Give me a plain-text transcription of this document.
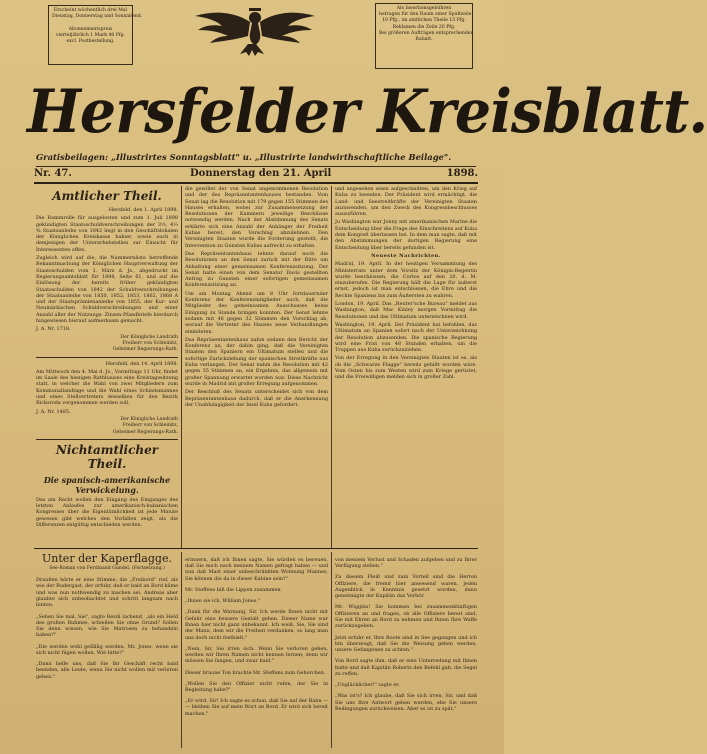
Erscheint wöchentlich drei Mal
Dienstag, Donnerstag und Sonnabend.

Abonnementspreis
vierteljährlich 1 Mark 40 Pfg.
excl. Postbestellung.
Als Insertionsgebühren
betragen für den Raum einer Spaltzeile
10 Pfg., im amtlichen Theile 15 Pfg.
Reklamen die Zeile 20 Pfg.
Bei größeren Aufträgen entsprechender
Rabatt.
Hersfelder Kreisblatt.
Gratisbeilagen: „Illustrirtes Sonntagsblatt" u. „Illustrirte landwirthschaftliche Beilage".
Nr. 47.	Donnerstag den 21. April	1898.
Amtlicher Theil.

Hersfeld, den 1. April 1898.

Die Rammrolle für ausgelosten und zum 1. Juli 1898 gekündigten Staatsschuldverschreibungen der 3½, 4⅓ % Staatsanleihe von 1842 liegt in den Geschäftslokalen der Königlichen Kreiskasse bahier, sowie auch in demjenigen der Untererhebstellen zur Einsicht für Interessenten offen.

Zugleich wird auf die, die Nummernliste betreffende Bekanntmachung der Königlichen Hauptverwaltung der Staatsschulden vom 1. März d. Js., abgedruckt im Regierungsamtsblatt für 1898, Seite 61, und auf die Einlösung der bereits früher gekündigten Staatsschulden von 1842 der Schuldverschreibungen der Staatsanleihe von 1850, 1852, 1853, 1862, 1868 A und der Staatsprämienanleihe von 1855, der Kur- und Neumärkischen Schuldverschreibungen und einer Anzahl aller der Nutzungs- Zinsen-Pfandbriefe hierdurch hingewiesen hierauf aufmerksam gemacht.

J. A. Nr. 1718.

Der Königliche Landrath
Freiherr von Schleinitz,
Geheimer Regierungs-Rath.

Hersfeld, den 14. April 1898.

Am Mittwoch den 4. Mai d. Js., Vormittags 11 Uhr, findet im Saale des hiesigen Rathhauses eine Kreistagssitzung statt, in welcher die Wahl von zwei Mitgliedern zum Kommunallandtage und die Wahl eines Schiedsmannes und eines Stellvertreters desselben für den Bezirk Ricksroda vorgenommen werden soll.

J. A. Nr. 1485.

Der Königliche Landrath
Freiherr von Schleinitz,
Geheimer Regierungs-Rath.
Nichtamtlicher Theil.
Die spanisch-amerikanische Verwickelung.

Das am Recht wollen den Eingang des Einganges des letzten Anlaufes zur amerikanisch-kubanischen Kongresses über die Eigentümlichkeit ist jede Minute gewesen gibt welches den Vorfallen zeigt, als die Differenzen entgültig entschieden werden.

die gewillet der von Senat angenommenen Resolution und der des Repräsentantenhauses bestanden. Vom Senat lag die Resolution mit 179 gegen 155 Stimmen des Hauses erhalten, wobei zur Zusammensetzung der Resolutionen der Kammern jeweilige Beschlüsse notwendig werden. Nach der Abstimmung des Senats erklärte sich eine Anzahl der Anhänger der Freiheit Kubas bereit, den Vorschlag abzulehnen. Den Vereinigten Staaten wurde die Forderung gestellt, die Intervention zu Gunsten Kubas aufrecht zu erhalten.

Das Repräsentantenhaus lehnte darauf noch die Resolutionen an den Senat zurück mit der Bitte um Abhaltung einer gemeinsamen Konferenzsitzung. Der Senat hatte einen von dem Senator Davis gestellten Antrag zu Gunsten einer sofortigen gemeinsamen Konferenzsitzung an.

Um am Montag Abend um 8 Uhr fortdauernder Konferenz der Konferenzmitglieder auch, daß die Mitglieder des gemeinsamen Ausschusses keine Einigung zu Stande bringen konnten. Der Senat lehnte sodann mit 46 gegen 32 Stimmen den Vorschlag ab, worauf die Vertreter des Hauses neue Verhandlungen einleiteten.

Das Repräsentantenhaus nahm sodann den Bericht der Konferenz an, der dahin ging, daß die Vereinigten Staaten den Spaniern ein Ultimatum stellen und die sofortige Zurückziehung der spanischen Streitkräfte aus Kuba verlangen. Der Senat nahm die Resolution mit 42 gegen 35 Stimmen an, ein Ergebnis, das allgemein mit großer Spannung erwartet worden war. Diese Nachricht wurde in Madrid mit großer Erregung aufgenommen.

Der Beschluß des Senats unterscheidet sich von dem Repräsentantenhaus dadurch, daß er die Anerkennung der Unabhängigkeit der Insel Kuba gefordert.

und angesehen seien aufgeschnitten, um den Krieg auf Kuba zu beenden. Der Präsident wird ermächtigt, die Land- und Seestreitkräfte der Vereinigten Staaten anzuwenden, um den Zweck des Kongressbeschlusses auszuführen.

Ju Washington war Jonny mit amerikanischen Marine die Entscheidung über die Frage des Einschreitens auf Kuba dem Kongreß überlassen bei. In dem man sagte, daß mit den Abstimmungen der dortigen Regierung eine Entscheidung über bereits gefunden ist.

Neueste Nachrichten.

Madrid, 19. April. In der heutigen Versammlung des Ministerrats unter dem Vorsitz der Königin-Regentin wurde beschlossen, die Cortes auf den 20. d. M. einzuberufen. Die Regierung hält die Lage für äußerst ernst, jedoch ist man entschlossen, die Ehre und die Rechte Spaniens bis zum Äußersten zu wahren.

London, 19. April. Das „Reuter'sche Bureau" meldet aus Washington, daß Mac Kinley morgen Vormittag die Resolutionen und das Ultimatum unterzeichnen wird.

Washington, 19. April. Der Präsident hat befohlen, das Ultimatum an Spanien sofort nach der Unterzeichnung der Resolution abzusenden. Die spanische Regierung wird eine Frist von 48 Stunden erhalten, um die Truppen aus Kuba zurückzuziehen.

Von der Erregung in den Vereinigten Staaten ist es, als ob die „Schwarze Flagge" bereits gehißt worden wäre. Vom Osten bis zum Westen wird zum Kriege gerüstet, und die Freiwilligen melden sich in großer Zahl.

Unter der Kaperflagge.
See-Roman von Ferdinand Gundel. (Fortsetzung.)

Draußen hörte er eine Stimme, die „Freibord" rief, als wie der Rudergast, der erfuhr, daß er bald an Bord käme und was nun nothwendig zu machen sei. Andreas aber glaubte sich unbeobachtet und schritt langsam nach hinten.

„Sehen Sie mal, Sie", sagte Rezdi lachend, „als ein Held des großen Ruhmes, schießen Sie ohne Grund? Sollen Sie denn wissen, wie Sie Matrosen zu behandeln haben?"

„Die werden wohl gefällig werden, Mr. Jones, wenn sie sich nicht fügen wollen. Wie bitte?"

„Dann helfe uns, daß Sie Ihr Geschäft recht bald beenden, alle Leute, wenn Sie nicht wollen mit verloren gehen."

erinnern, daß ich Ihnen sagte, Sie würden es bereuen, daß Sie mich nach meinem Namen gefragt haben — und nun daß Mast einer unbeschränkten Wohnung Mannes, Sie können die da in dieser Kabine sein?"

Mr. Steffens biß die Lippen zusammen.

„Ihnen sie ich, William Jones."

„Dank für die Warnung, Sir. Ich werde Ihnen nicht mit Gefahr eine bessere Gestalt geben. Dieser Name war Ihnen hier nicht ganz unbekannt. Ich weiß, Sie, Sie sind der Mann, dem wir die Freiheit verdanken, so lang man uns doch nicht festhielt."

„Nein, Sir, Sie irren sich. Wenn Sie verloren gehen, werden wir Ihren Namen nicht kennen lernen; denn wir müssen Sie fangen, und zwar bald."

Dieser braune Ton brachte Mr. Steffens zum Gehorchen.

„Wollen Sie den Offizier nicht rufen, der Sie in Begleitung habe?"

„Er wird, Sir! Ich sagte es schon, daß Sie auf der Bahn — — bleiben Sie auf mein Wort an Bord. Er wird sich bereit machen."

von meinem Verlust und Schaden aufgeben und zu Ihrer Verfügung stehen."

Zu diesem Fleiß und zum Vorteil sind die Herren Offiziere, die fremd hier anwesend waren, jeden Augenblick in Kenntnis gesetzt worden, dann genehmigte der Kapitän das Verhör.

Mr. Wiggins! Sie kommen bei zusammenkünftigen Offizieren an und fragen, ob alle Offiziere bereit sind, Sie mit Ehren an Bord zu nehmen und Ihnen Ihre Waffe zurückzugeben.

Jetzt erfuhr er, Ihre Boote sind in See gegangen und ich bin überzeugt, daß Sie die Weisung geben werden, unsere Gefangenen zu achten."

Von Bord sagte ihm, daß er eine Unterredung mit Ihnen hatte und daß Kapitän Roberts den Befehl gab, die Segel zu reffen.

„Unglücklicher!" sagte er.

„Was ist's? Ich glaube, daß Sie sich irren, Sir, und daß Sie uns Ihre Antwort geben werden, ehe Sie unsere Bedingungen zurückweisen. Aber es ist zu spät."
